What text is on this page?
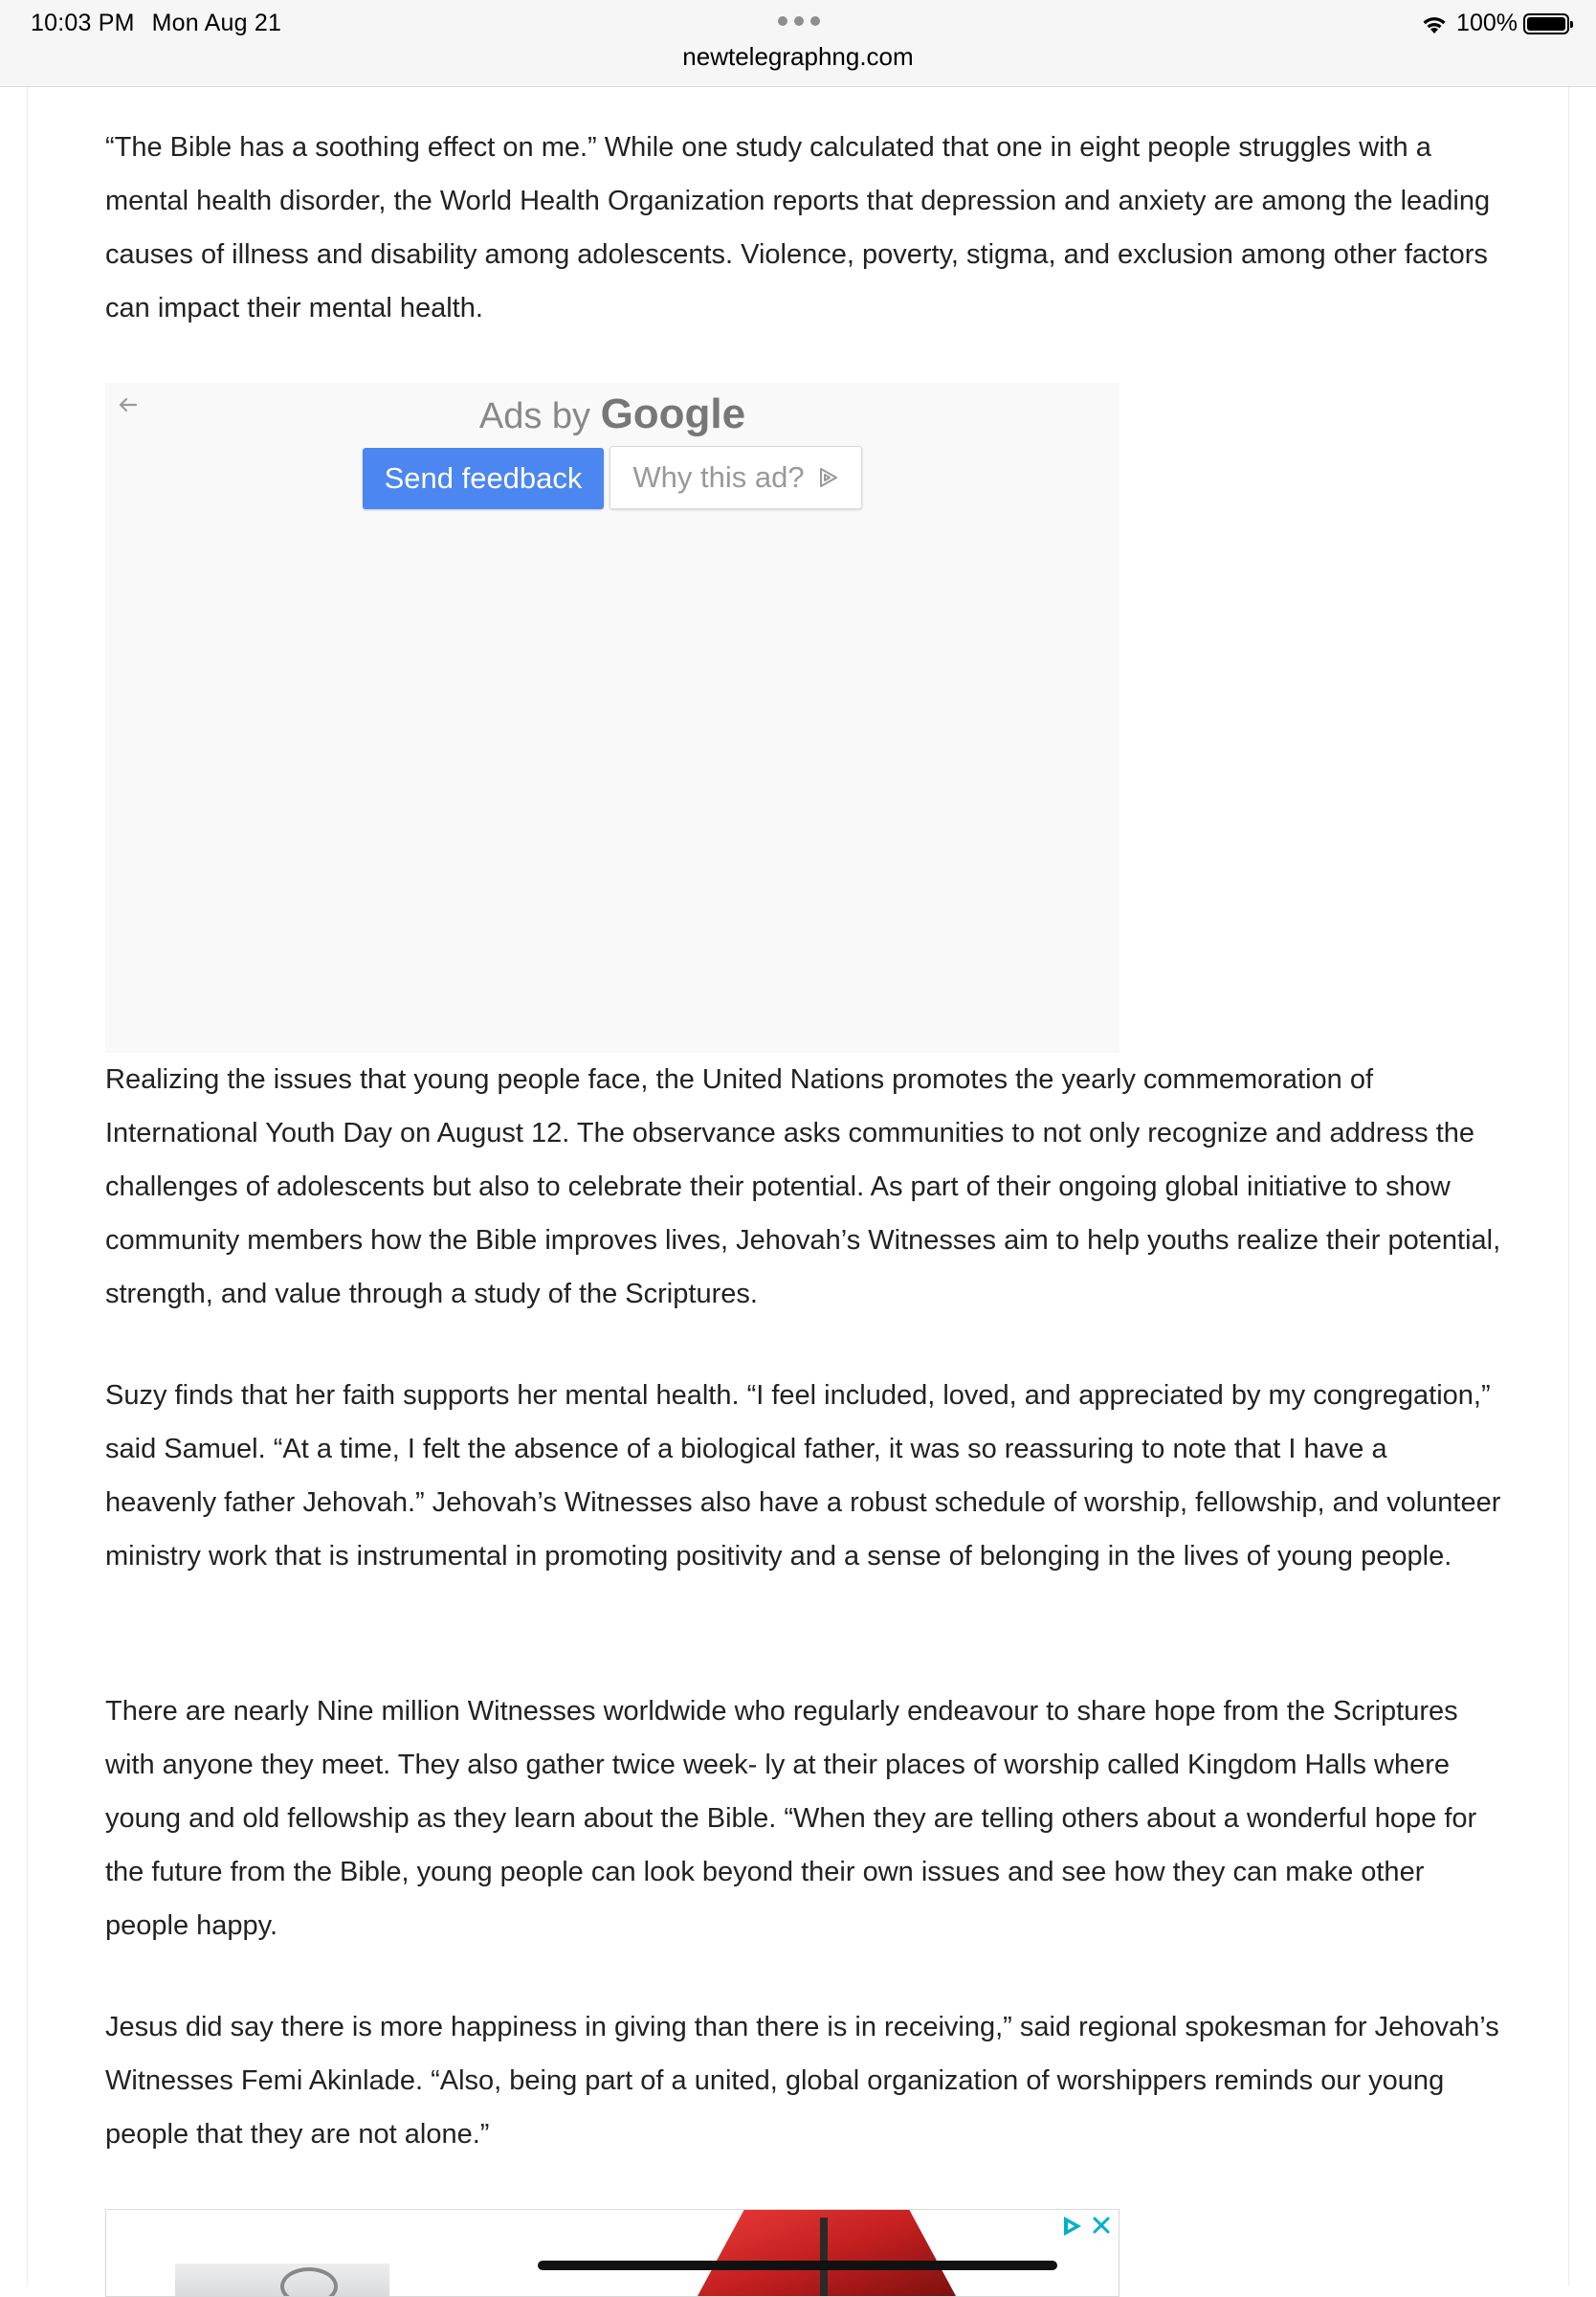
10:03 PM Mon Aug 21
newtelegraphng.com
100%

“The Bible has a soothing effect on me.” While one study calculated that one in eight people struggles with a mental health disorder, the World Health Organization reports that depression and anxiety are among the leading causes of illness and disability among adolescents. Violence, poverty, stigma, and exclusion among other factors can impact their mental health.

Ads by Google
Send feedback	Why this ad?

Realizing the issues that young people face, the United Nations promotes the yearly commemoration of International Youth Day on August 12. The observance asks communities to not only recognize and address the challenges of adolescents but also to celebrate their potential. As part of their ongoing global initiative to show community members how the Bible improves lives, Jehovah’s Witnesses aim to help youths realize their potential, strength, and value through a study of the Scriptures.

Suzy finds that her faith supports her mental health. “I feel included, loved, and appreciated by my congregation,” said Samuel. “At a time, I felt the absence of a biological father, it was so reassuring to note that I have a heavenly father Jehovah.” Jehovah’s Witnesses also have a robust schedule of worship, fellowship, and volunteer ministry work that is instrumental in promoting positivity and a sense of belonging in the lives of young people.

There are nearly Nine million Witnesses worldwide who regularly endeavour to share hope from the Scriptures with anyone they meet. They also gather twice week- ly at their places of worship called Kingdom Halls where young and old fellowship as they learn about the Bible. “When they are telling others about a wonderful hope for the future from the Bible, young people can look beyond their own issues and see how they can make other people happy.

Jesus did say there is more happiness in giving than there is in receiving,” said regional spokesman for Jehovah’s Witnesses Femi Akinlade. “Also, being part of a united, global organization of worshippers reminds our young people that they are not alone.”
